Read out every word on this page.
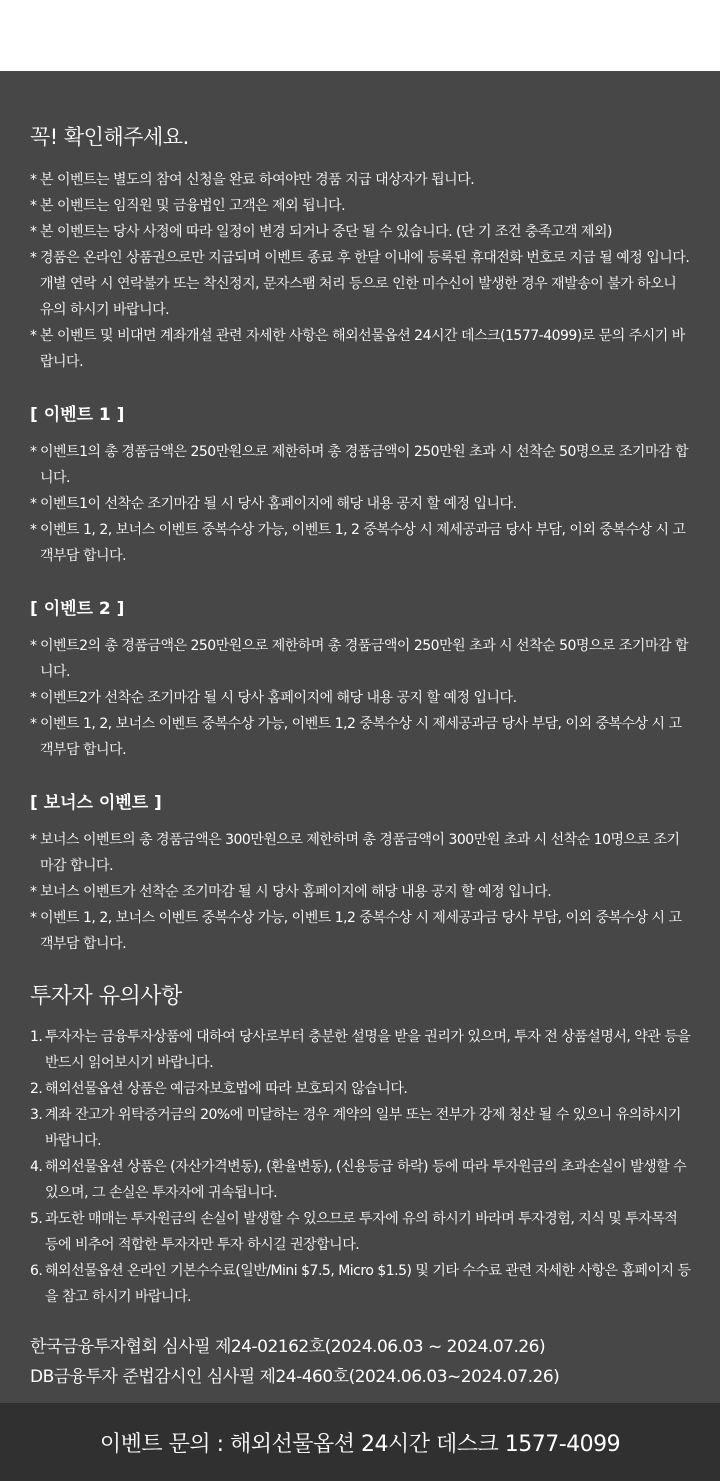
꼭! 확인해주세요.
* 본 이벤트는 별도의 참여 신청을 완료 하여야만 경품 지급 대상자가 됩니다.
* 본 이벤트는 임직원 및 금융법인 고객은 제외 됩니다.
* 본 이벤트는 당사 사정에 따라 일정이 변경 되거나 중단 될 수 있습니다. (단 기 조건 충족고객 제외)
* 경품은 온라인 상품권으로만 지급되며 이벤트 종료 후 한달 이내에 등록된 휴대전화 번호로 지급 될 예정 입니다. 개별 연락 시 연락불가 또는 착신정지, 문자스팸 처리 등으로 인한 미수신이 발생한 경우 재발송이 불가 하오니 유의 하시기 바랍니다.
* 본 이벤트 및 비대면 계좌개설 관련 자세한 사항은 해외선물옵션 24시간 데스크(1577-4099)로 문의 주시기 바랍니다.
[ 이벤트 1 ]
* 이벤트1의 총 경품금액은 250만원으로 제한하며 총 경품금액이 250만원 초과 시 선착순 50명으로 조기마감 합니다.
* 이벤트1이 선착순 조기마감 될 시 당사 홈페이지에 해당 내용 공지 할 예정 입니다.
* 이벤트 1, 2, 보너스 이벤트 중복수상 가능, 이벤트 1, 2 중복수상 시 제세공과금 당사 부담, 이외 중복수상 시 고객부담 합니다.
[ 이벤트 2 ]
* 이벤트2의 총 경품금액은 250만원으로 제한하며 총 경품금액이 250만원 초과 시 선착순 50명으로 조기마감 합니다.
* 이벤트2가 선착순 조기마감 될 시 당사 홈페이지에 해당 내용 공지 할 예정 입니다.
* 이벤트 1, 2, 보너스 이벤트 중복수상 가능, 이벤트 1,2 중복수상 시 제세공과금 당사 부담, 이외 중복수상 시 고객부담 합니다.
[ 보너스 이벤트 ]
* 보너스 이벤트의 총 경품금액은 300만원으로 제한하며 총 경품금액이 300만원 초과 시 선착순 10명으로 조기마감 합니다.
* 보너스 이벤트가 선착순 조기마감 될 시 당사 홈페이지에 해당 내용 공지 할 예정 입니다.
* 이벤트 1, 2, 보너스 이벤트 중복수상 가능, 이벤트 1,2 중복수상 시 제세공과금 당사 부담, 이외 중복수상 시 고객부담 합니다.
투자자 유의사항
1. 투자자는 금융투자상품에 대하여 당사로부터 충분한 설명을 받을 권리가 있으며, 투자 전 상품설명서, 약관 등을 반드시 읽어보시기 바랍니다.
2. 해외선물옵션 상품은 예금자보호법에 따라 보호되지 않습니다.
3. 계좌 잔고가 위탁증거금의 20%에 미달하는 경우 계약의 일부 또는 전부가 강제 청산 될 수 있으니 유의하시기 바랍니다.
4. 해외선물옵션 상품은 (자산가격변동), (환율변동), (신용등급 하락) 등에 따라 투자원금의 초과손실이 발생할 수 있으며, 그 손실은 투자자에 귀속됩니다.
5. 과도한 매매는 투자원금의 손실이 발생할 수 있으므로 투자에 유의 하시기 바라며 투자경험, 지식 및 투자목적 등에 비추어 적합한 투자자만 투자 하시길 권장합니다.
6. 해외선물옵션 온라인 기본수수료(일반/Mini $7.5, Micro $1.5) 및 기타 수수료 관련 자세한 사항은 홈페이지 등을 참고 하시기 바랍니다.
한국금융투자협회 심사필 제24-02162호(2024.06.03 ~ 2024.07.26)
DB금융투자 준법감시인 심사필 제24-460호(2024.06.03~2024.07.26)
이벤트 문의 : 해외선물옵션 24시간 데스크 1577-4099
